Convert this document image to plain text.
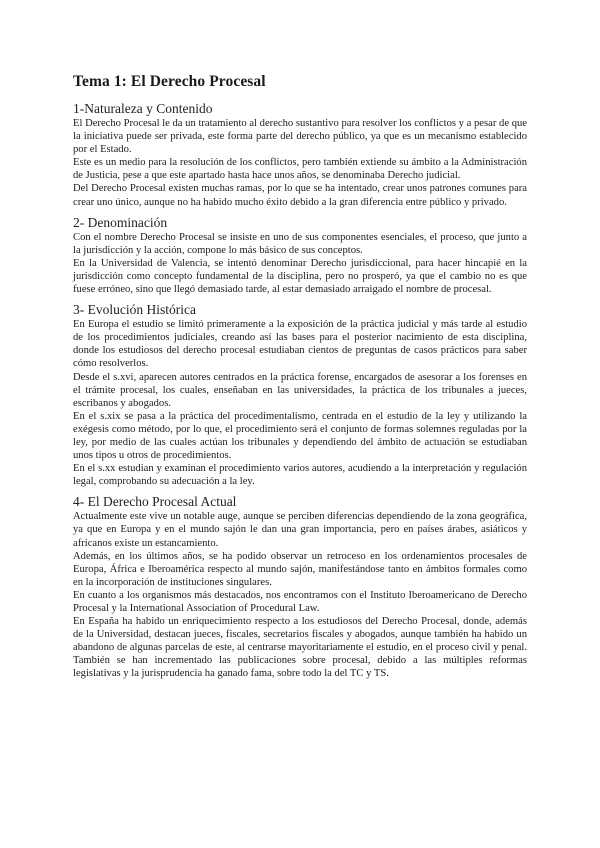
Tema 1: El Derecho Procesal
1-Naturaleza y Contenido

El Derecho Procesal le da un tratamiento al derecho sustantivo para resolver los conflictos y a pesar de que la iniciativa puede ser privada, este forma parte del derecho público, ya que es un mecanismo establecido por el Estado.

Este es un medio para la resolución de los conflictos, pero también extiende su ámbito a la Administración de Justicia, pese a que este apartado hasta hace unos años, se denominaba Derecho judicial.

Del Derecho Procesal existen muchas ramas, por lo que se ha intentado, crear unos patrones comunes para crear uno único, aunque no ha habido mucho éxito debido a la gran diferencia entre público y privado.

2- Denominación

Con el nombre Derecho Procesal se insiste en uno de sus componentes esenciales, el proceso, que junto a la jurisdicción y la acción, compone lo más básico de sus conceptos.

En la Universidad de Valencia, se intentó denominar Derecho jurisdiccional, para hacer hincapié en la jurisdicción como concepto fundamental de la disciplina, pero no prosperó, ya que el cambio no es que fuese erróneo, sino que llegó demasiado tarde, al estar demasiado arraigado el nombre de procesal.

3- Evolución Histórica

En Europa el estudio se limitó primeramente a la exposición de la práctica judicial y más tarde al estudio de los procedimientos judiciales, creando así las bases para el posterior nacimiento de esta disciplina, donde los estudiosos del derecho procesal estudiaban cientos de preguntas de casos prácticos para saber cómo resolverlos.

Desde el s.xvi, aparecen autores centrados en la práctica forense, encargados de asesorar a los forenses en el trámite procesal, los cuales, enseñaban en las universidades, la práctica de los tribunales a jueces, escribanos y abogados.

En el s.xix se pasa a la práctica del procedimentalismo, centrada en el estudio de la ley y utilizando la exégesis como método, por lo que, el procedimiento será el conjunto de formas solemnes reguladas por la ley, por medio de las cuales actúan los tribunales y dependiendo del ámbito de actuación se estudiaban unos tipos u otros de procedimientos.

En el s.xx estudian y examinan el procedimiento varios autores, acudiendo a la interpretación y regulación legal, comprobando su adecuación a la ley.

4- El Derecho Procesal Actual

Actualmente este vive un notable auge, aunque se perciben diferencias dependiendo de la zona geográfica, ya que en Europa y en el mundo sajón le dan una gran importancia, pero en países árabes, asiáticos y africanos existe un estancamiento.

Además, en los últimos años, se ha podido observar un retroceso en los ordenamientos procesales de Europa, África e Iberoamérica respecto al mundo sajón, manifestándose tanto en ámbitos formales como en la incorporación de instituciones singulares.

En cuanto a los organismos más destacados, nos encontramos con el Instituto Iberoamericano de Derecho Procesal y la International Association of Procedural Law.

En España ha habido un enriquecimiento respecto a los estudiosos del Derecho Procesal, donde, además de la Universidad, destacan jueces, fiscales, secretarios fiscales y abogados, aunque también ha habido un abandono de algunas parcelas de este, al centrarse mayoritariamente el estudio, en el proceso civil y penal. También se han incrementado las publicaciones sobre procesal, debido a las múltiples reformas legislativas y la jurisprudencia ha ganado fama, sobre todo la del TC y TS.
